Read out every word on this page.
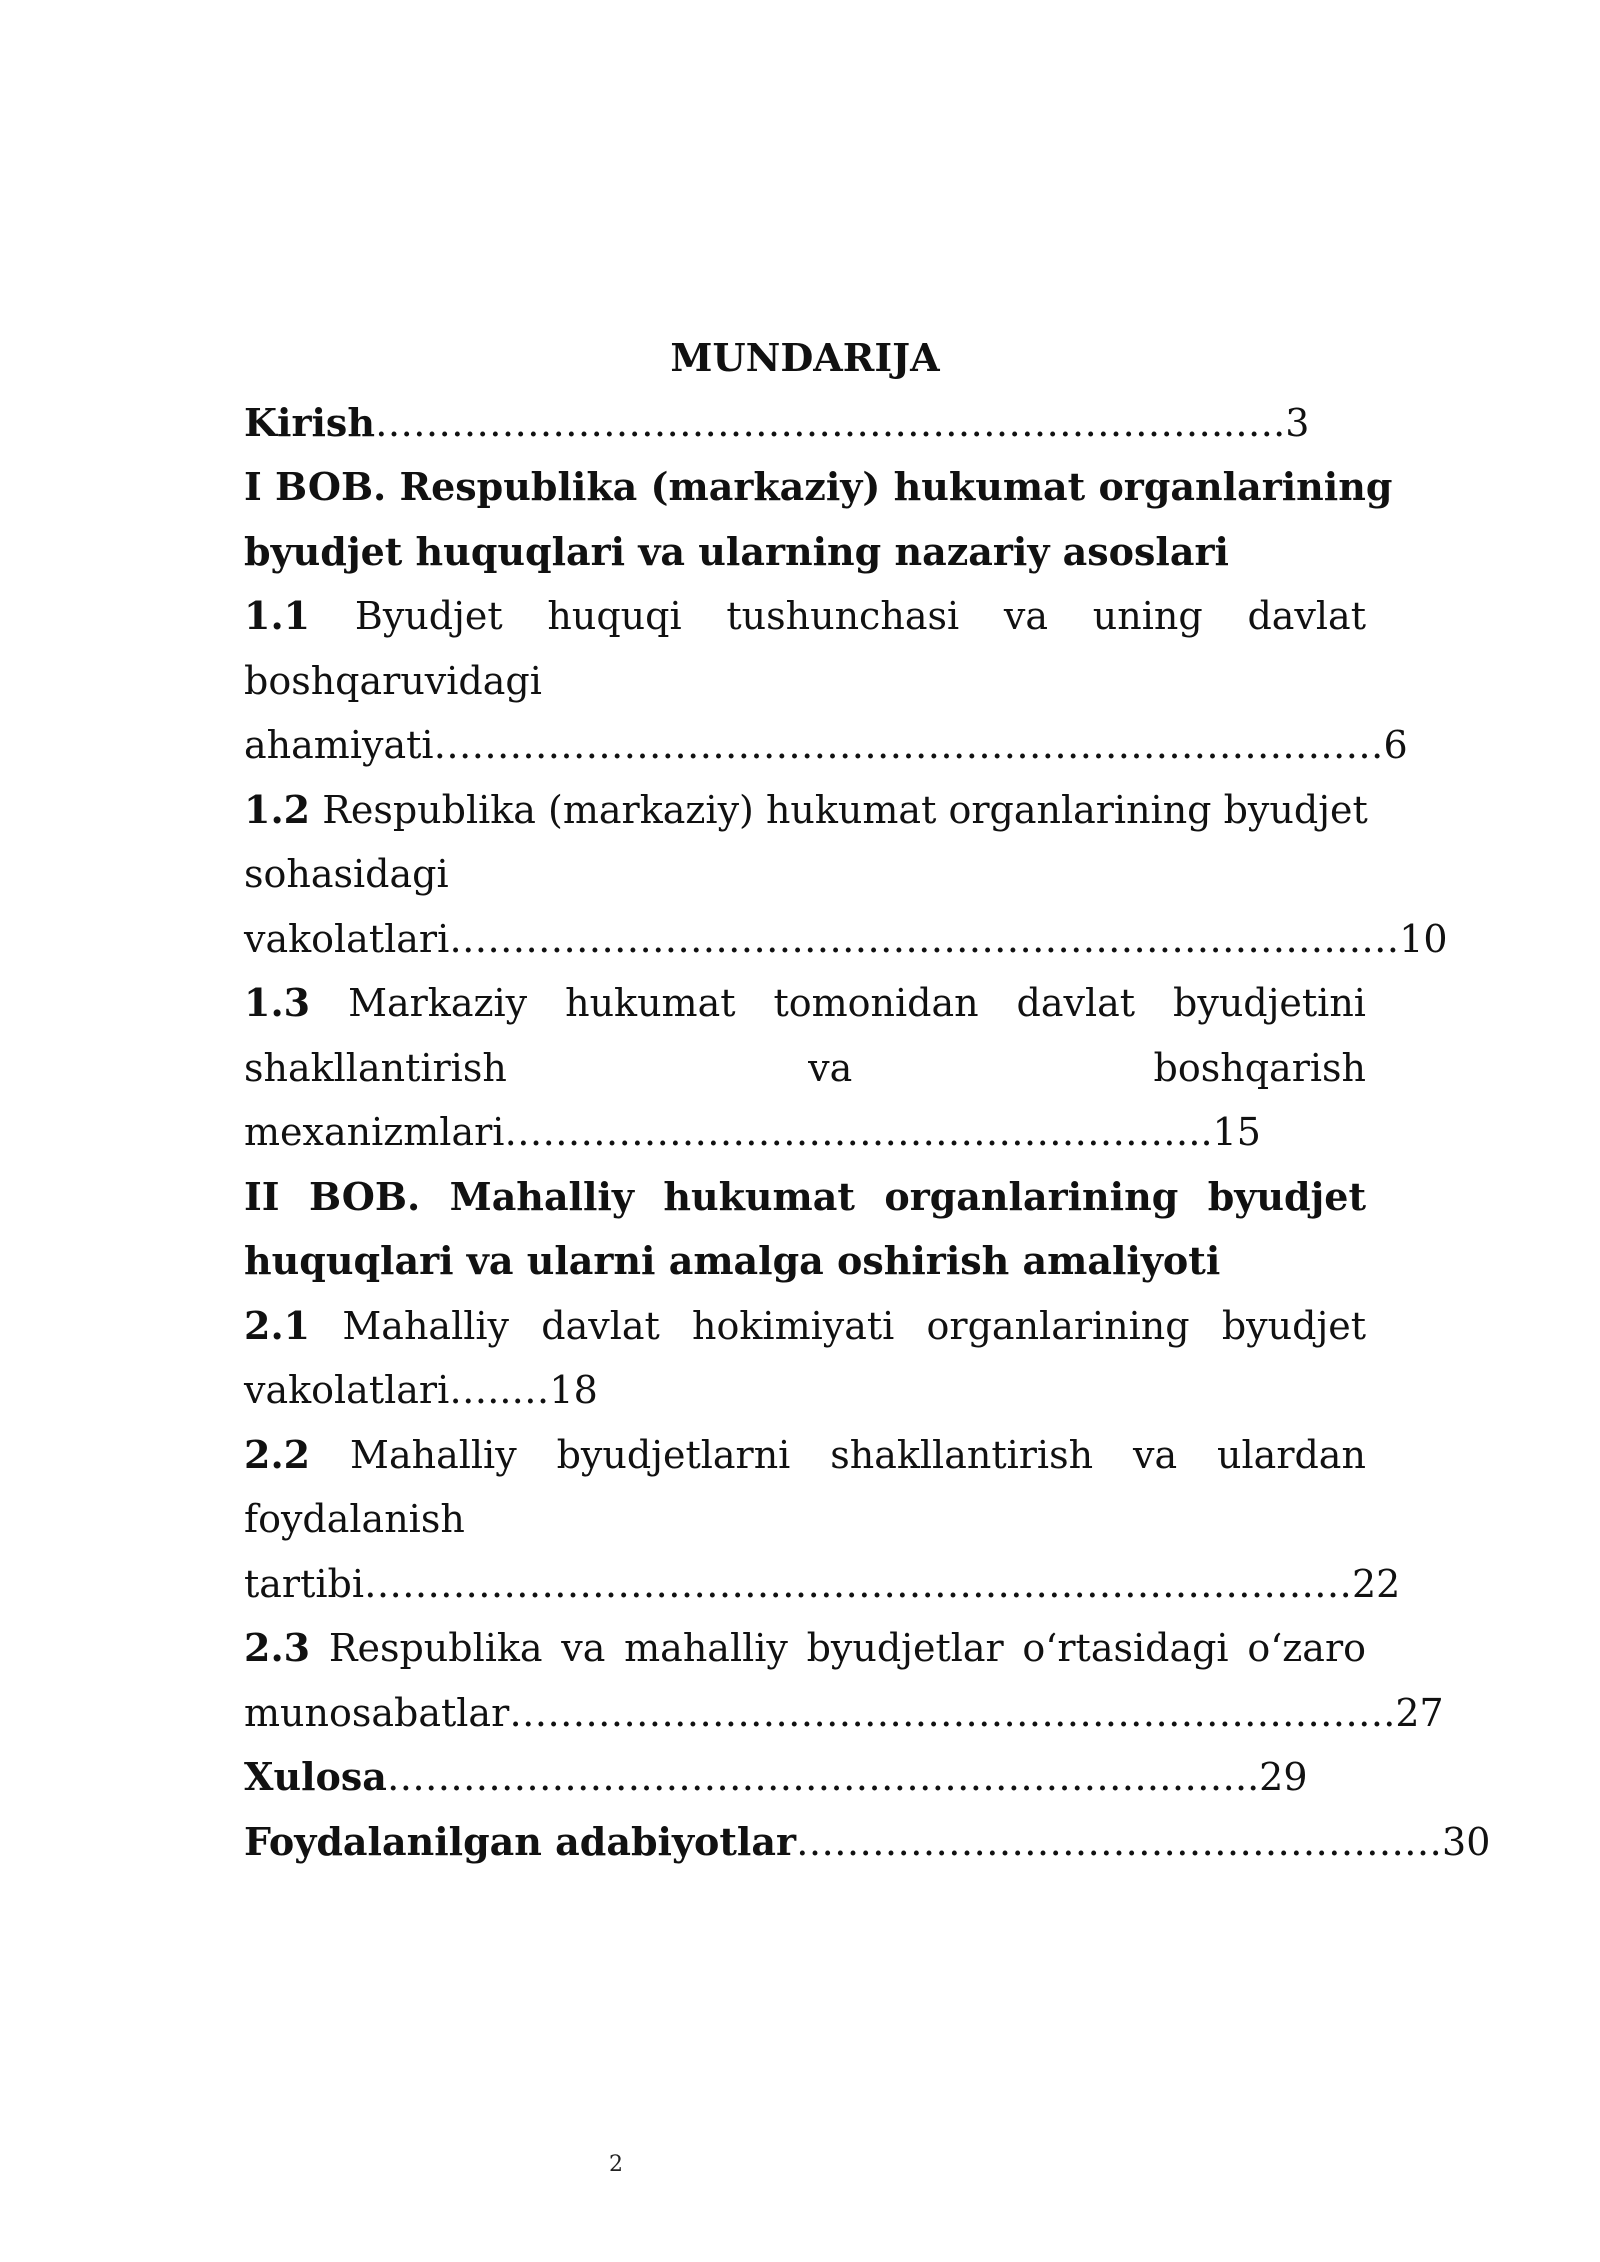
MUNDARIJA
Kirish…………………………………………………………..….3
I BOB. Respublika (markaziy) hukumat organlarining
byudjet huquqlari va ularning nazariy asoslari
1.1 Byudjet huquqi tushunchasi va uning davlat
boshqaruvidagi
ahamiyati…………………………………………………………………6
1.2 Respublika (markaziy) hukumat organlarining byudjet
sohasidagi
vakolatlari…………………………………………………………………10
1.3 Markaziy hukumat tomonidan davlat byudjetini
shakllantirish	va	boshqarish
mexanizmlari………………………………………………..15
II BOB. Mahalliy hukumat organlarining byudjet
huquqlari va ularni amalga oshirish amaliyoti
2.1 Mahalliy davlat hokimiyati organlarining byudjet
vakolatlari…..…18
2.2 Mahalliy byudjetlarni shakllantirish va ulardan
foydalanish
tartibi……………………………………………………………………22
2.3 Respublika va mahalliy byudjetlar o‘rtasidagi o‘zaro
munosabatlar…………………………………………………………….27
Xulosa…………………………………………………….……..29
Foydalanilgan adabiyotlar……………………………………………30
2
